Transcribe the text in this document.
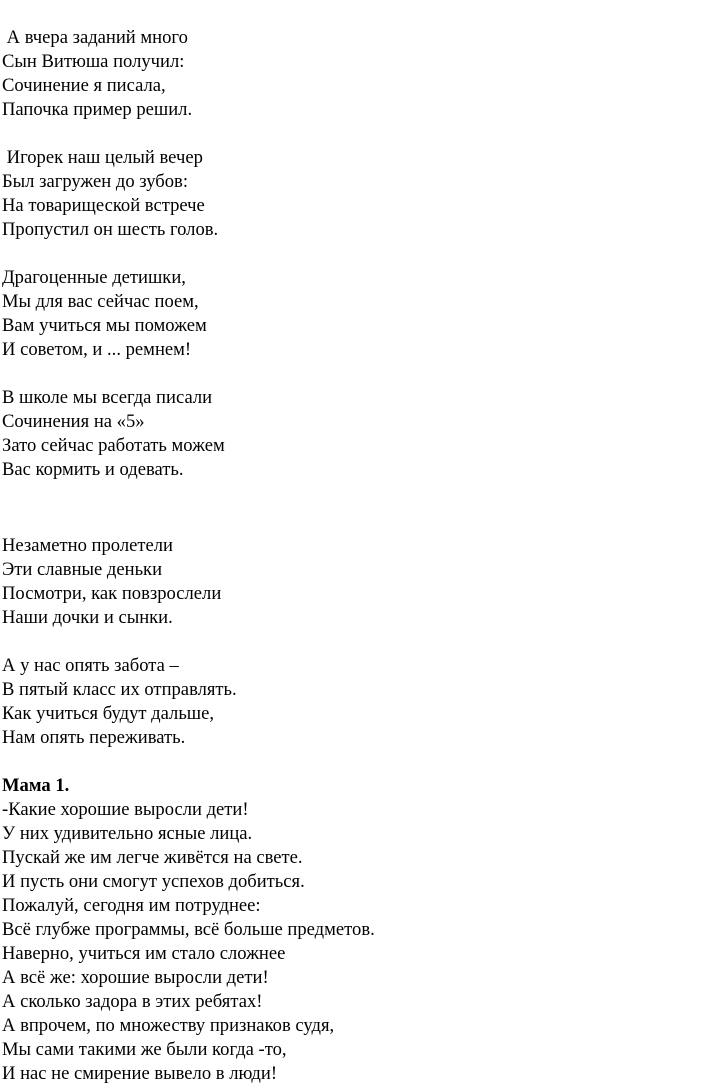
А вчера заданий много
Сын Витюша получил:
Сочинение я писала,
Папочка пример решил.
Игорек наш целый вечер
Был загружен до зубов:
На товарищеской встрече
Пропустил он шесть голов.
Драгоценные детишки,
Мы для вас сейчас поем,
Вам учиться мы поможем
И советом, и ... ремнем!
В школе мы всегда писали
Сочинения на «5»
Зато сейчас работать можем
Вас кормить и одевать.
Незаметно пролетели
Эти славные деньки
Посмотри, как повзрослели
Наши дочки и сынки.
А у нас опять забота –
В пятый класс их отправлять.
Как учиться будут дальше,
Нам опять переживать.
Мама 1.
-Какие хорошие выросли дети!
У них удивительно ясные лица.
Пускай же им легче живётся на свете.
И пусть они смогут успехов добиться.
Пожалуй, сегодня им потруднее:
Всё глубже программы, всё больше предметов.
Наверно, учиться им стало сложнее
А всё же: хорошие выросли дети!
А сколько задора в этих ребятах!
А впрочем, по множеству признаков судя,
Мы сами такими же были когда -то,
И нас не смирение вывело в люди!
